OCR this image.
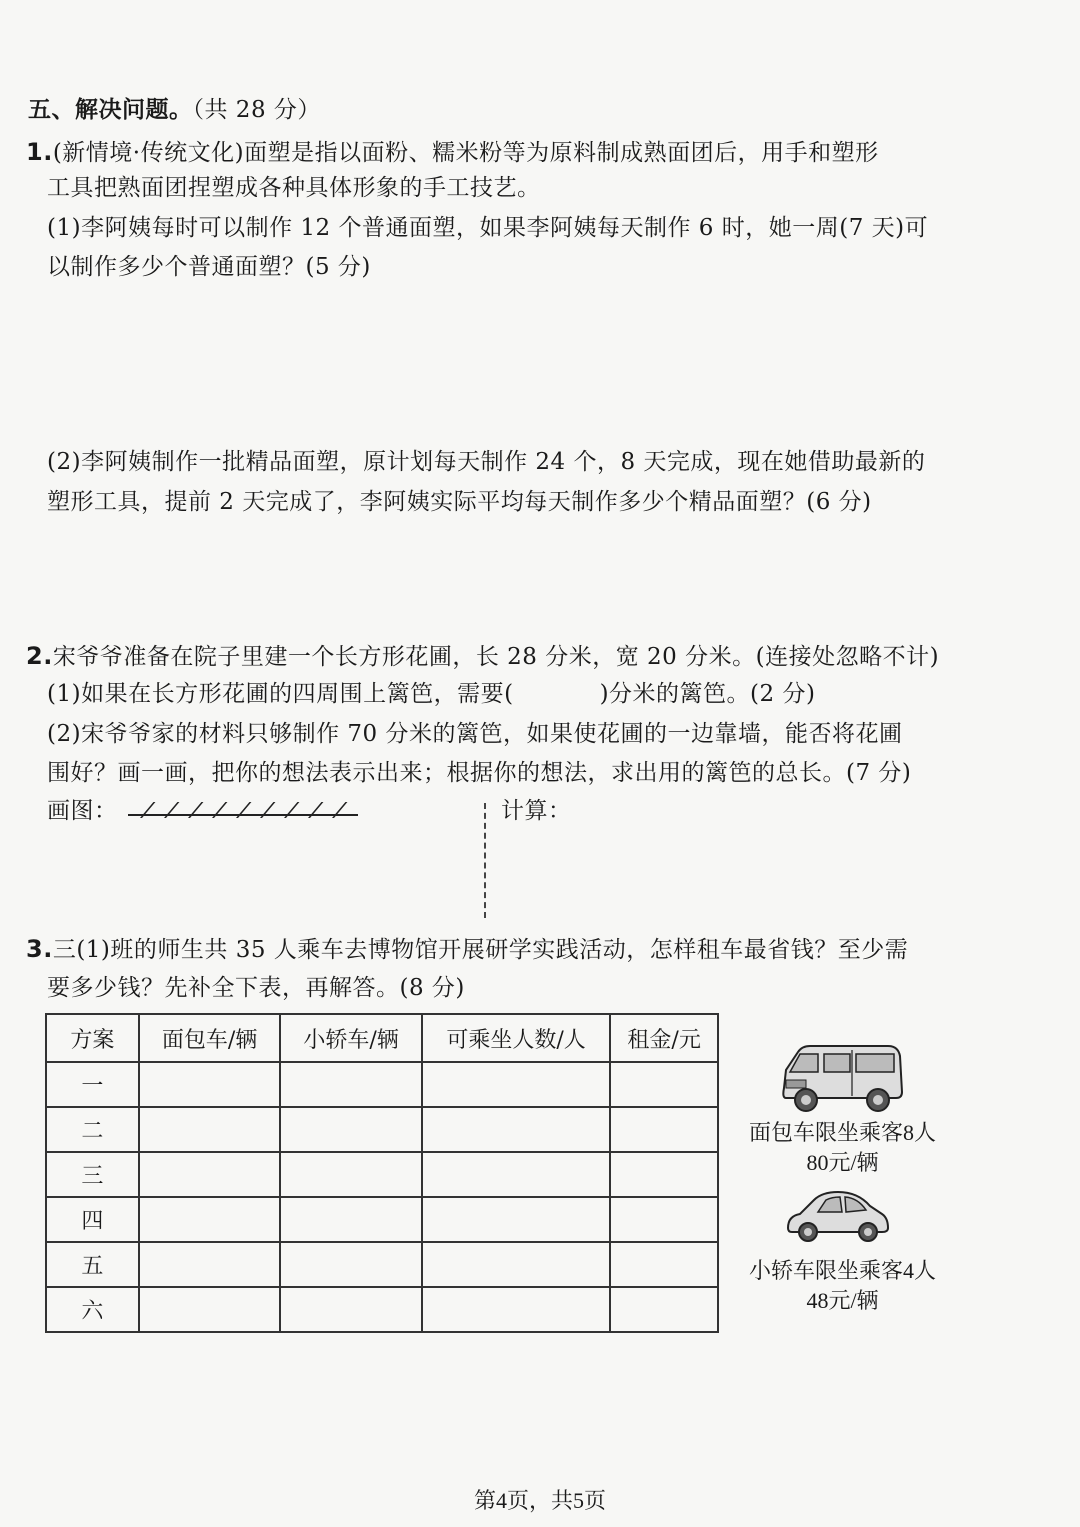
五、解决问题。（共 28 分）
1.(新情境·传统文化)面塑是指以面粉、糯米粉等为原料制成熟面团后，用手和塑形
工具把熟面团捏塑成各种具体形象的手工技艺。
(1)李阿姨每时可以制作 12 个普通面塑，如果李阿姨每天制作 6 时，她一周(7 天)可
以制作多少个普通面塑？(5 分)
(2)李阿姨制作一批精品面塑，原计划每天制作 24 个，8 天完成，现在她借助最新的
塑形工具，提前 2 天完成了，李阿姨实际平均每天制作多少个精品面塑？(6 分)
2.宋爷爷准备在院子里建一个长方形花圃，长 28 分米，宽 20 分米。(连接处忽略不计)
(1)如果在长方形花圃的四周围上篱笆，需要(	)分米的篱笆。(2 分)
(2)宋爷爷家的材料只够制作 70 分米的篱笆，如果使花圃的一边靠墙，能否将花圃
围好？画一画，把你的想法表示出来；根据你的想法，求出用的篱笆的总长。(7 分)
画图：	计算：
3.三(1)班的师生共 35 人乘车去博物馆开展研学实践活动，怎样租车最省钱？至少需
要多少钱？先补全下表，再解答。(8 分)
方案	面包车/辆	小轿车/辆	可乘坐人数/人	租金/元
一				
二				
三				
四				
五				
六				
面包车限坐乘客8人
80元/辆
小轿车限坐乘客4人
48元/辆
第4页，共5页
